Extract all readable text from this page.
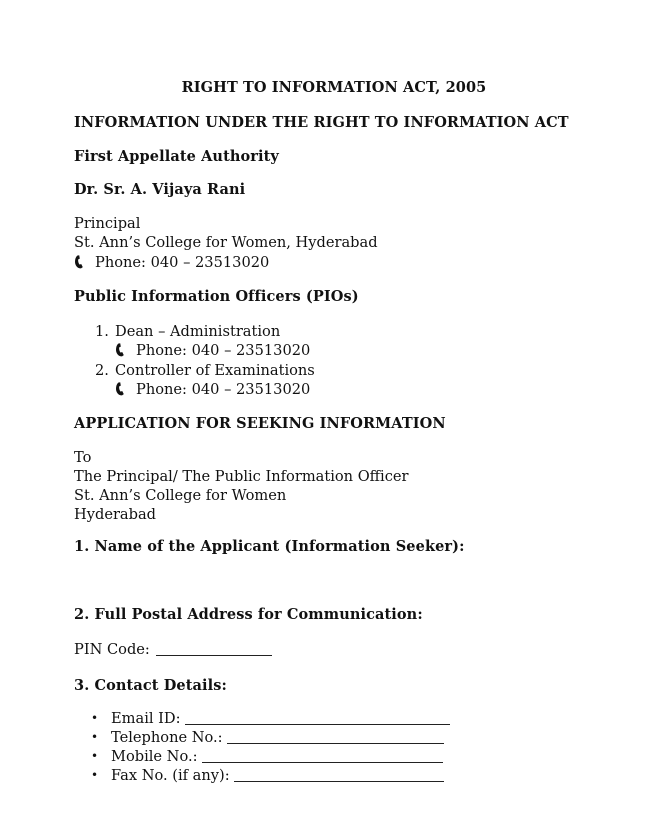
RIGHT TO INFORMATION ACT, 2005
INFORMATION UNDER THE RIGHT TO INFORMATION ACT
First Appellate Authority
Dr. Sr. A. Vijaya Rani
Principal
St. Ann’s College for Women, Hyderabad
Phone: 040 – 23513020
Public Information Officers (PIOs)
1. Dean – Administration
Phone: 040 – 23513020
2. Controller of Examinations
Phone: 040 – 23513020
APPLICATION FOR SEEKING INFORMATION
To
The Principal/ The Public Information Officer
St. Ann’s College for Women
Hyderabad
1. Name of the Applicant (Information Seeker):
2. Full Postal Address for Communication:
PIN Code:
3. Contact Details:
• Email ID:
• Telephone No.:
• Mobile No.:
• Fax No. (if any):
